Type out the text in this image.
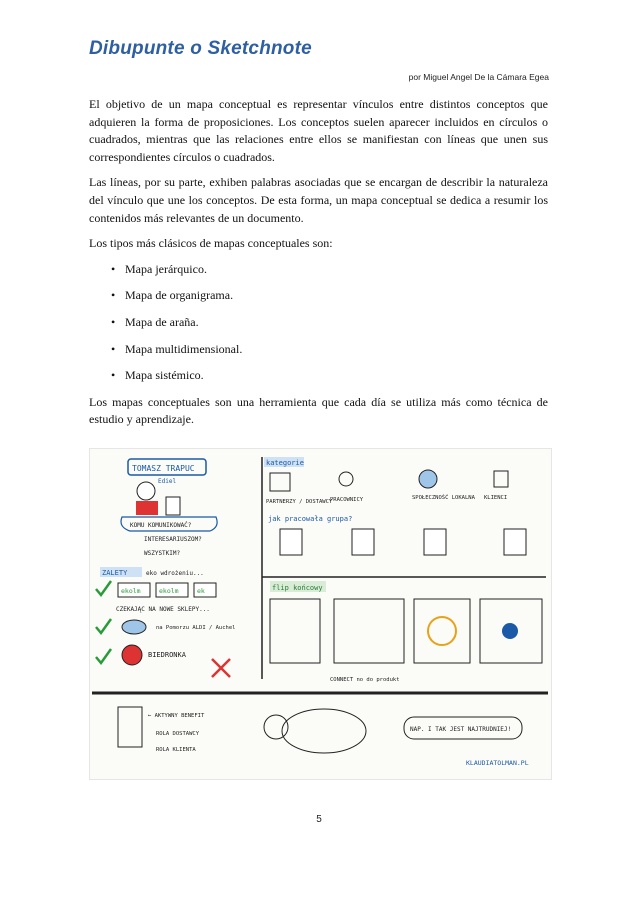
Dibupunte o Sketchnote
por Miguel Angel De la Cámara Egea

El objetivo de un mapa conceptual es representar vínculos entre distintos conceptos que adquieren la forma de proposiciones. Los conceptos suelen aparecer incluidos en círculos o cuadrados, mientras que las relaciones entre ellos se manifiestan con líneas que unen sus correspondientes círculos o cuadrados.

Las líneas, por su parte, exhiben palabras asociadas que se encargan de describir la naturaleza del vínculo que une los conceptos. De esta forma, un mapa conceptual se dedica a resumir los contenidos más relevantes de un documento.

Los tipos más clásicos de mapas conceptuales son:

• Mapa jerárquico.
• Mapa de organigrama.
• Mapa de araña.
• Mapa multidimensional.
• Mapa sistémico.

Los mapas conceptuales son una herramienta que cada día se utiliza más como técnica de estudio y aprendizaje.

TOMASZ TRAPUC
Ediel
KOMU KOMUNIKOWAĆ?
INTERESARIUSZOM?
WSZYSTKIM?
ZALETY	eko wdrożeniu...
ekolm	ekolm	ek
CZEKAJĄC NA NOWE SKLEPY...
na Pomorzu ALDI / Auchel
BIEDRONKA
kategorie
PARTNERZY / DOSTAWCY
PRACOWNICY	SPOŁECZNOŚĆ LOKALNA KLIENCI
jak pracowała grupa?
flip końcowy
CONNECT no do produkt
← AKTYWNY BENEFIT
ROLA DOSTAWCY
ROLA KLIENTA
NAP. I TAK JEST NAJTRUDNIEJ!
KLAUDIATOLMAN.PL
5
